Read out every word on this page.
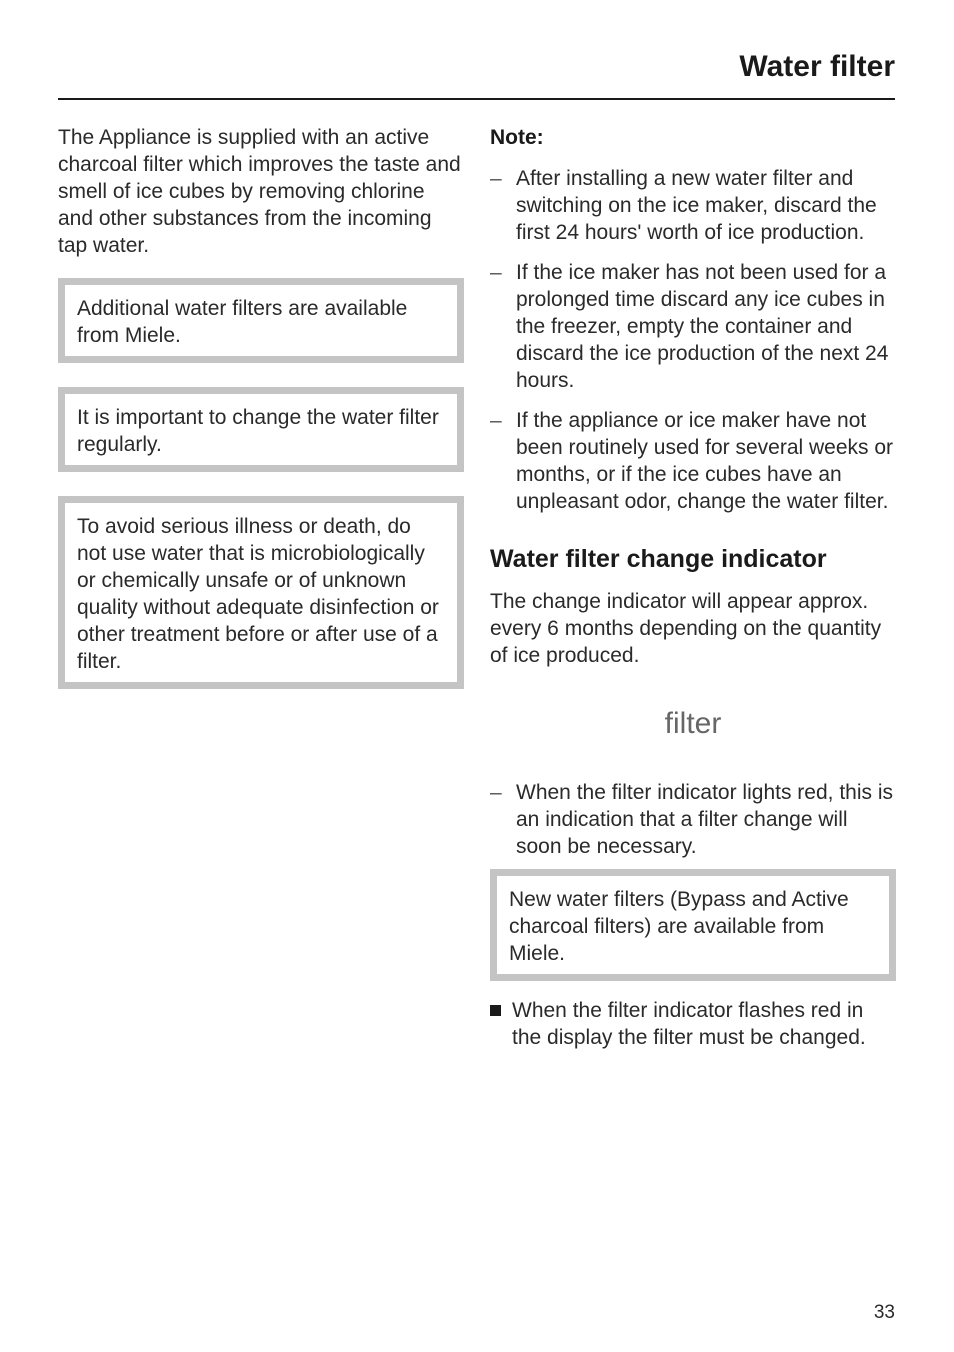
Water filter

The Appliance is supplied with an active charcoal filter which improves the taste and smell of ice cubes by removing chlorine and other substances from the incoming tap water.

Additional water filters are available from Miele.
It is important to change the water filter regularly.
To avoid serious illness or death, do not use water that is microbiologically or chemically unsafe or of unknown quality without adequate disinfection or other treatment before or after use of a filter.

Note:

– After installing a new water filter and switching on the ice maker, discard the first 24 hours' worth of ice production.
– If the ice maker has not been used for a prolonged time discard any ice cubes in the freezer, empty the container and discard the ice production of the next 24 hours.
– If the appliance or ice maker have not been routinely used for several weeks or months, or if the ice cubes have an unpleasant odor, change the water filter.
Water filter change indicator

The change indicator will appear approx. every 6 months depending on the quantity of ice produced.

filter

– When the filter indicator lights red, this is an indication that a filter change will soon be necessary.
New water filters (Bypass and Active charcoal filters) are available from Miele.

When the filter indicator flashes red in the display the filter must be changed.

33
